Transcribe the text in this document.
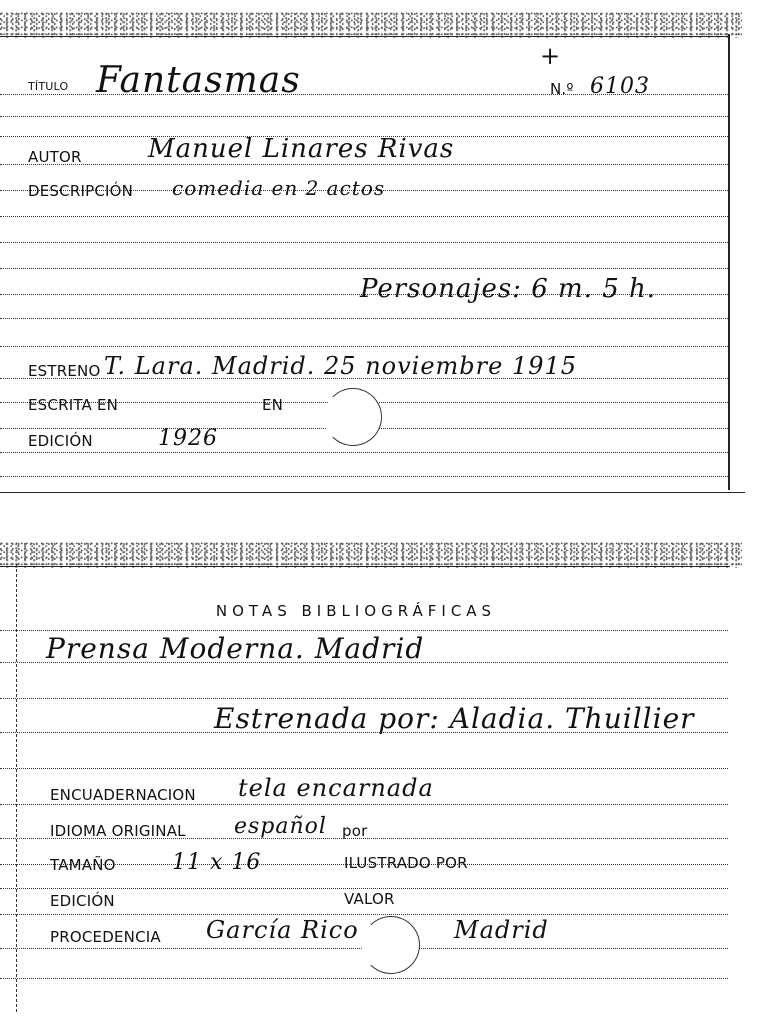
TÍTULO Fantasmas
+
N.º 6103
AUTOR	Manuel Linares Rivas
DESCRIPCIÓN comedia en 2 actos
Personajes: 6 m. 5 h.
ESTRENO T. Lara. Madrid. 25 noviembre 1915
ESCRITA EN	EN
EDICIÓN	1926
NOTAS BIBLIOGRÁFICAS
Prensa Moderna. Madrid
Estrenada por: Aladia. Thuillier
ENCUADERNACION tela encarnada
IDIOMA ORIGINAL español por
TAMAÑO	11 x 16	ILUSTRADO POR
EDICIÓN	VALOR
PROCEDENCIA García Rico	Madrid
